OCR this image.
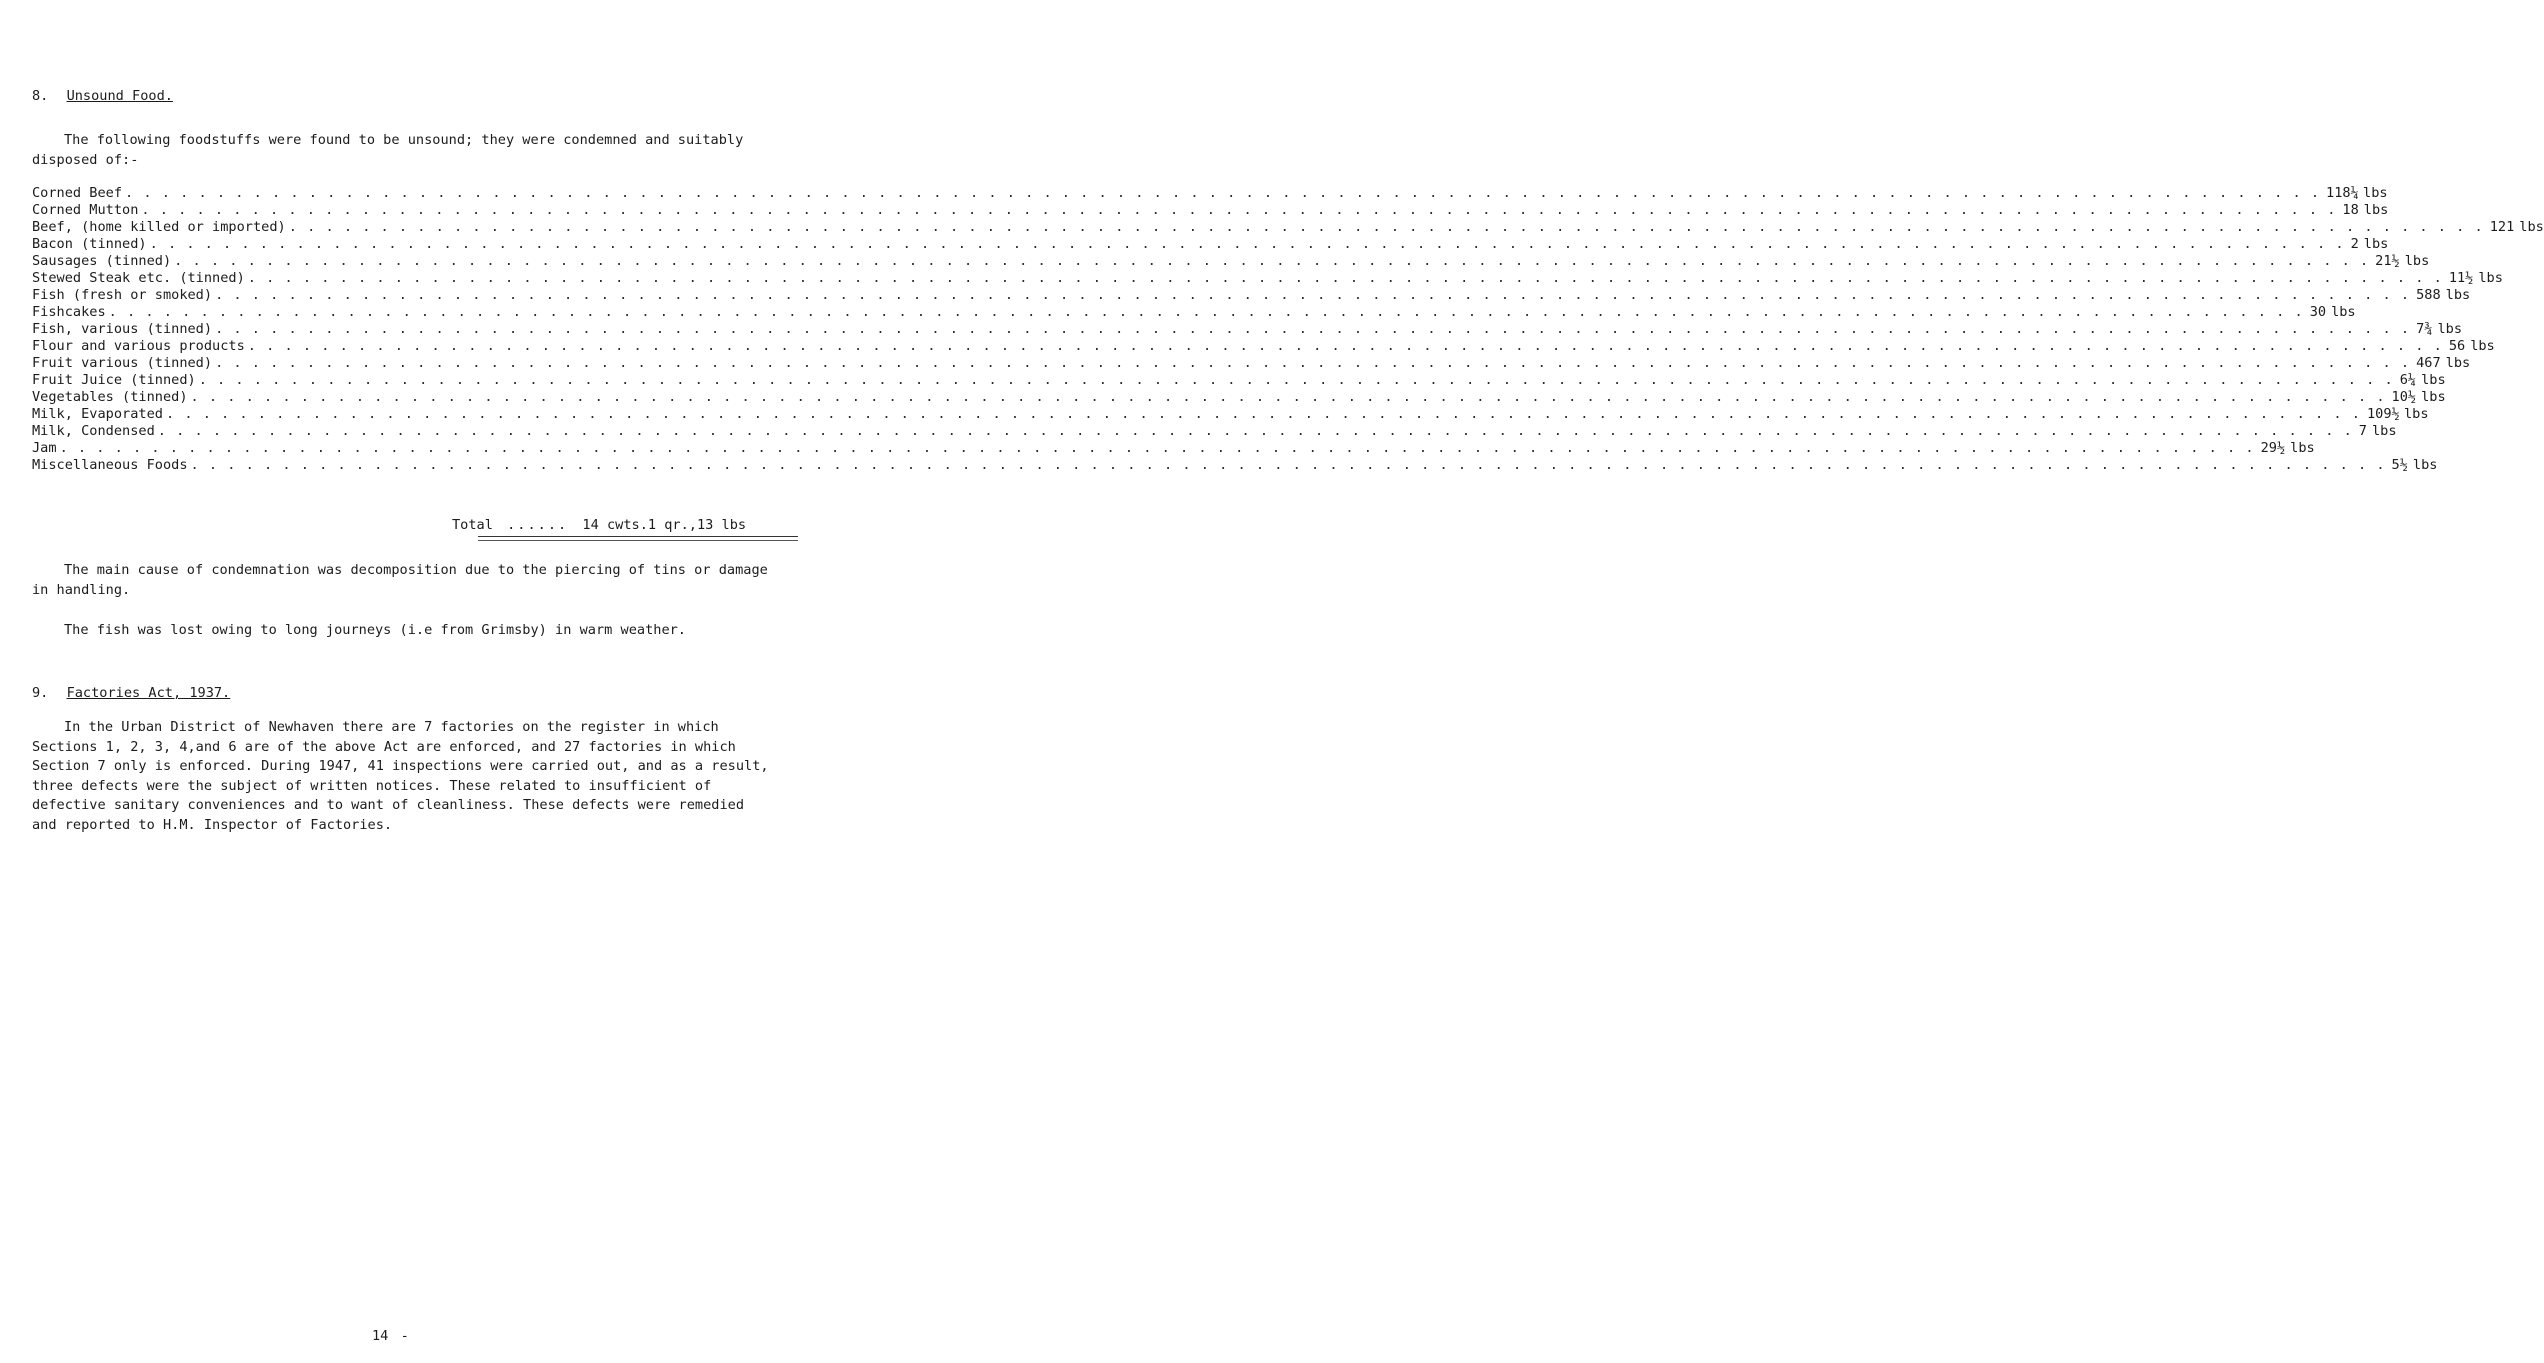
8. Unsound Food.
The following foodstuffs were found to be unsound; they were condemned and suitably disposed of:-
Corned Beef . . . . . . . . . . . . . . . . . . . . . . . . . . . . . . . . . . . . . . . . . . . . . . . . . . . . . . . . . . . . . . . . . . . . . . . . . . . . . . . . . . . . . . . . . . . . . . . . . . . . . . . . . . . . . . . . . . . . . . . . 118¼ lbs
Corned Mutton . . . . . . . . . . . . . . . . . . . . . . . . . . . . . . . . . . . . . . . . . . . . . . . . . . . . . . . . . . . . . . . . . . . . . . . . . . . . . . . . . . . . . . . . . . . . . . . . . . . . . . . . . . . . . . . . . . . . . . . . 18 lbs
Beef, (home killed or imported) . . . . . . . . . . . . . . . . . . . . . . . . . . . . . . . . . . . . . . . . . . . . . . . . . . . . . . . . . . . . . . . . . . . . . . . . . . . . . . . . . . . . . . . . . . . . . . . . . . . . . . . . . . . . . . . . . . . . . . . . 121 lbs
Bacon (tinned) . . . . . . . . . . . . . . . . . . . . . . . . . . . . . . . . . . . . . . . . . . . . . . . . . . . . . . . . . . . . . . . . . . . . . . . . . . . . . . . . . . . . . . . . . . . . . . . . . . . . . . . . . . . . . . . . . . . . . . . . 2 lbs
Sausages (tinned) . . . . . . . . . . . . . . . . . . . . . . . . . . . . . . . . . . . . . . . . . . . . . . . . . . . . . . . . . . . . . . . . . . . . . . . . . . . . . . . . . . . . . . . . . . . . . . . . . . . . . . . . . . . . . . . . . . . . . . . . 21½ lbs
Stewed Steak etc. (tinned) . . . . . . . . . . . . . . . . . . . . . . . . . . . . . . . . . . . . . . . . . . . . . . . . . . . . . . . . . . . . . . . . . . . . . . . . . . . . . . . . . . . . . . . . . . . . . . . . . . . . . . . . . . . . . . . . . . . . . . . . 11½ lbs
Fish (fresh or smoked) . . . . . . . . . . . . . . . . . . . . . . . . . . . . . . . . . . . . . . . . . . . . . . . . . . . . . . . . . . . . . . . . . . . . . . . . . . . . . . . . . . . . . . . . . . . . . . . . . . . . . . . . . . . . . . . . . . . . . . . . 588 lbs
Fishcakes . . . . . . . . . . . . . . . . . . . . . . . . . . . . . . . . . . . . . . . . . . . . . . . . . . . . . . . . . . . . . . . . . . . . . . . . . . . . . . . . . . . . . . . . . . . . . . . . . . . . . . . . . . . . . . . . . . . . . . . . 30 lbs
Fish, various (tinned) . . . . . . . . . . . . . . . . . . . . . . . . . . . . . . . . . . . . . . . . . . . . . . . . . . . . . . . . . . . . . . . . . . . . . . . . . . . . . . . . . . . . . . . . . . . . . . . . . . . . . . . . . . . . . . . . . . . . . . . . 7¾ lbs
Flour and various products . . . . . . . . . . . . . . . . . . . . . . . . . . . . . . . . . . . . . . . . . . . . . . . . . . . . . . . . . . . . . . . . . . . . . . . . . . . . . . . . . . . . . . . . . . . . . . . . . . . . . . . . . . . . . . . . . . . . . . . . 56 lbs
Fruit various (tinned) . . . . . . . . . . . . . . . . . . . . . . . . . . . . . . . . . . . . . . . . . . . . . . . . . . . . . . . . . . . . . . . . . . . . . . . . . . . . . . . . . . . . . . . . . . . . . . . . . . . . . . . . . . . . . . . . . . . . . . . . 467 lbs
Fruit Juice (tinned) . . . . . . . . . . . . . . . . . . . . . . . . . . . . . . . . . . . . . . . . . . . . . . . . . . . . . . . . . . . . . . . . . . . . . . . . . . . . . . . . . . . . . . . . . . . . . . . . . . . . . . . . . . . . . . . . . . . . . . . . 6¼ lbs
Vegetables (tinned) . . . . . . . . . . . . . . . . . . . . . . . . . . . . . . . . . . . . . . . . . . . . . . . . . . . . . . . . . . . . . . . . . . . . . . . . . . . . . . . . . . . . . . . . . . . . . . . . . . . . . . . . . . . . . . . . . . . . . . . . 10½ lbs
Milk, Evaporated . . . . . . . . . . . . . . . . . . . . . . . . . . . . . . . . . . . . . . . . . . . . . . . . . . . . . . . . . . . . . . . . . . . . . . . . . . . . . . . . . . . . . . . . . . . . . . . . . . . . . . . . . . . . . . . . . . . . . . . . 109½ lbs
Milk, Condensed . . . . . . . . . . . . . . . . . . . . . . . . . . . . . . . . . . . . . . . . . . . . . . . . . . . . . . . . . . . . . . . . . . . . . . . . . . . . . . . . . . . . . . . . . . . . . . . . . . . . . . . . . . . . . . . . . . . . . . . . 7 lbs
Jam . . . . . . . . . . . . . . . . . . . . . . . . . . . . . . . . . . . . . . . . . . . . . . . . . . . . . . . . . . . . . . . . . . . . . . . . . . . . . . . . . . . . . . . . . . . . . . . . . . . . . . . . . . . . . . . . . . . . . . . . 29½ lbs
Miscellaneous Foods . . . . . . . . . . . . . . . . . . . . . . . . . . . . . . . . . . . . . . . . . . . . . . . . . . . . . . . . . . . . . . . . . . . . . . . . . . . . . . . . . . . . . . . . . . . . . . . . . . . . . . . . . . . . . . . . . . . . . . . . 5½ lbs
Total ...... 14 cwts.1 qr.,13 lbs
The main cause of condemnation was decomposition due to the piercing of tins or damage in handling.
The fish was lost owing to long journeys (i.e from Grimsby) in warm weather.
9. Factories Act, 1937.
In the Urban District of Newhaven there are 7 factories on the register in which Sections 1, 2, 3, 4,and 6 are of the above Act are enforced, and 27 factories in which Section 7 only is enforced. During 1947, 41 inspections were carried out, and as a result, three defects were the subject of written notices. These related to insufficient of defective sanitary conveniences and to want of cleanliness. These defects were remedied and reported to H.M. Inspector of Factories.
14 -
